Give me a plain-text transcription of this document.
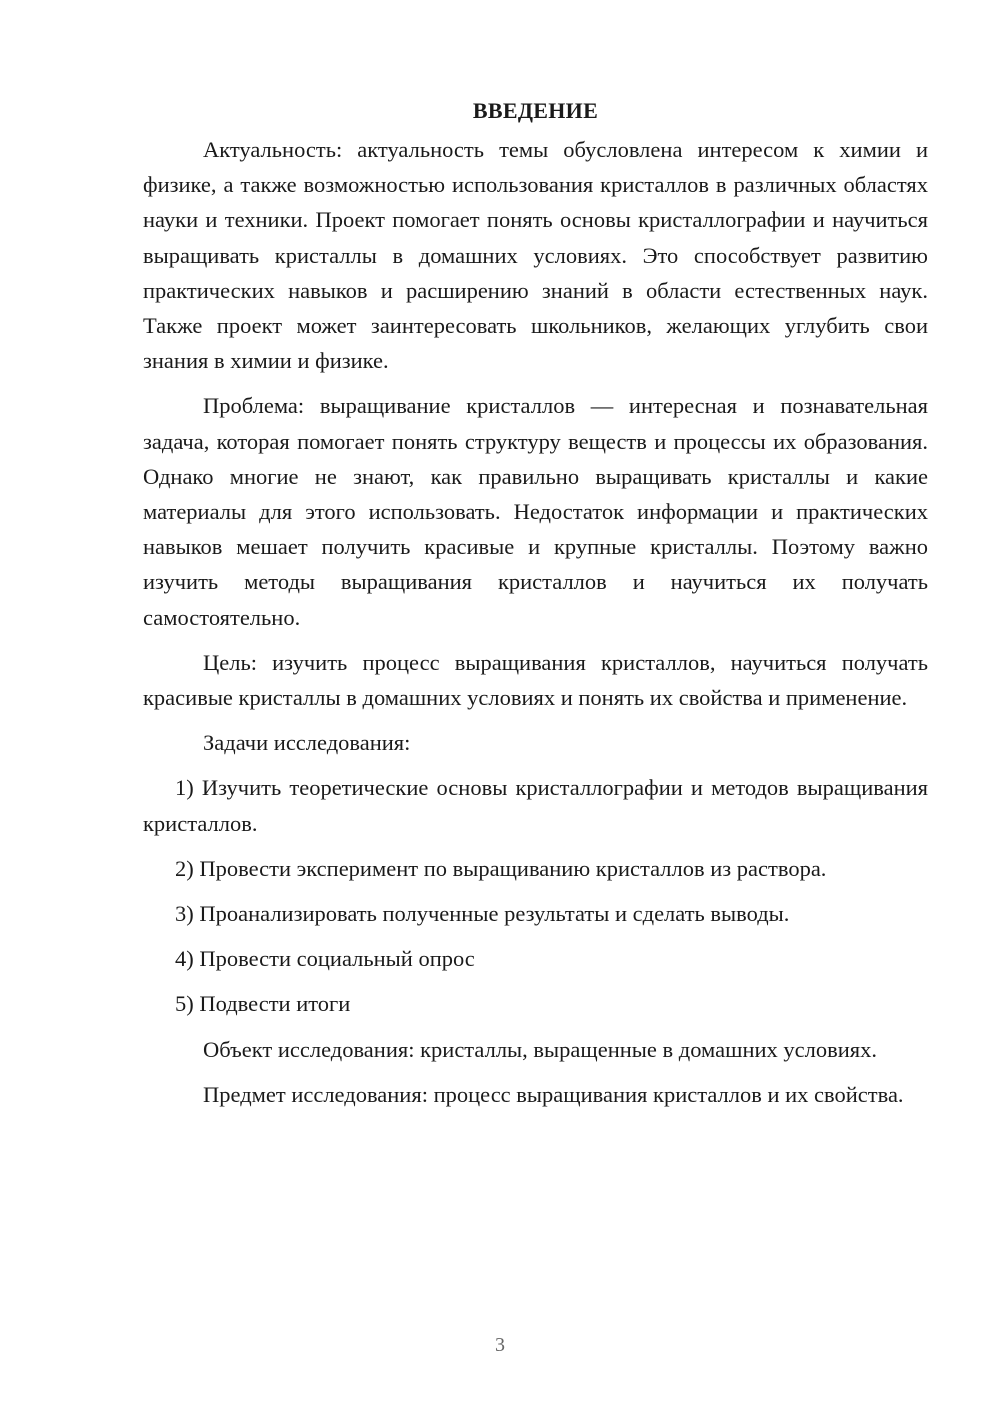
ВВЕДЕНИЕ

Актуальность: актуальность темы обусловлена интересом к химии и физике, а также возможностью использования кристаллов в различных областях науки и техники. Проект помогает понять основы кристаллографии и научиться выращивать кристаллы в домашних условиях. Это способствует развитию практических навыков и расширению знаний в области естественных наук. Также проект может заинтересовать школьников, желающих углубить свои знания в химии и физике.

Проблема: выращивание кристаллов — интересная и познавательная задача, которая помогает понять структуру веществ и процессы их образования. Однако многие не знают, как правильно выращивать кристаллы и какие материалы для этого использовать. Недостаток информации и практических навыков мешает получить красивые и крупные кристаллы. Поэтому важно изучить методы выращивания кристаллов и научиться их получать самостоятельно.

Цель: изучить процесс выращивания кристаллов, научиться получать красивые кристаллы в домашних условиях и понять их свойства и применение.

Задачи исследования:

1) Изучить теоретические основы кристаллографии и методов выращивания кристаллов.

2) Провести эксперимент по выращиванию кристаллов из раствора.

3) Проанализировать полученные результаты и сделать выводы.

4) Провести социальный опрос

5) Подвести итоги

Объект исследования: кристаллы, выращенные в домашних условиях.

Предмет исследования: процесс выращивания кристаллов и их свойства.

3
